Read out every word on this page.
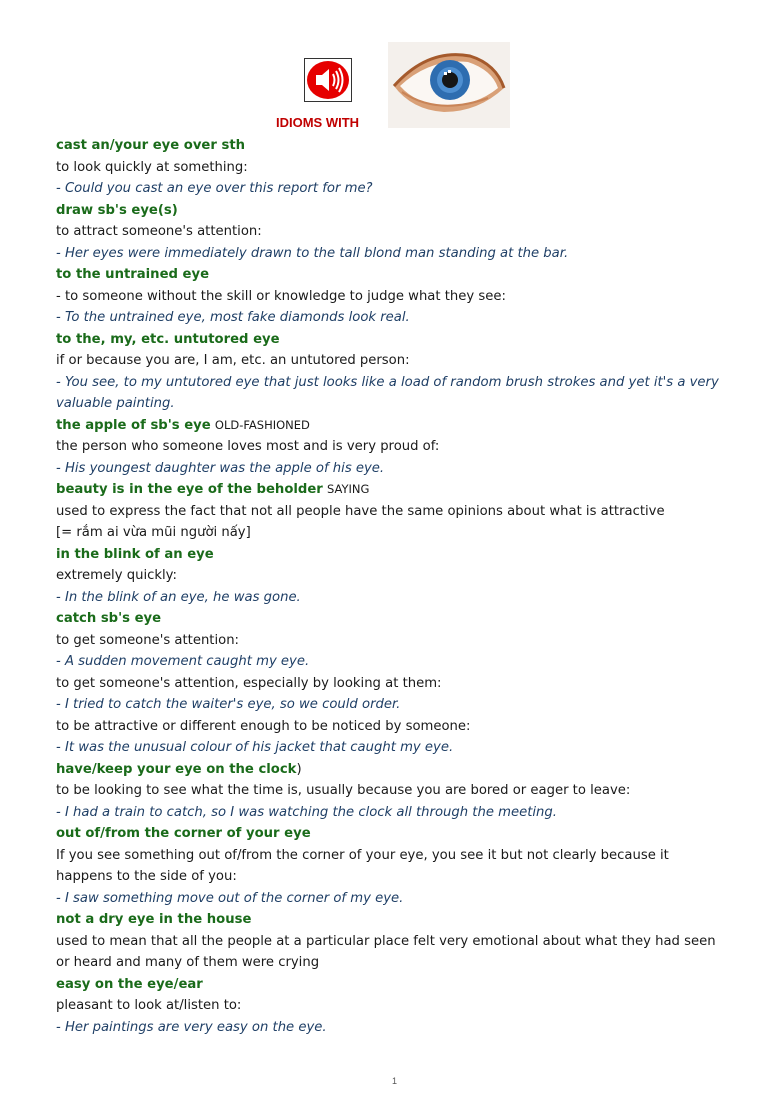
IDIOMS WITH

cast an/your eye over sth

to look quickly at something:

- Could you cast an eye over this report for me?

draw sb's eye(s)

to attract someone's attention:

- Her eyes were immediately drawn to the tall blond man standing at the bar.

to the untrained eye

- to someone without the skill or knowledge to judge what they see:

- To the untrained eye, most fake diamonds look real.

to the, my, etc. untutored eye

if or because you are, I am, etc. an untutored person:

- You see, to my untutored eye that just looks like a load of random brush strokes and yet it's a very valuable painting.

the apple of sb's eye OLD-FASHIONED

the person who someone loves most and is very proud of:

- His youngest daughter was the apple of his eye.

beauty is in the eye of the beholder SAYING

used to express the fact that not all people have the same opinions about what is attractive

[= rắm ai vừa mũi người nấy]

in the blink of an eye

extremely quickly:

- In the blink of an eye, he was gone.

catch sb's eye

to get someone's attention:

- A sudden movement caught my eye.

to get someone's attention, especially by looking at them:

- I tried to catch the waiter's eye, so we could order.

to be attractive or different enough to be noticed by someone:

- It was the unusual colour of his jacket that caught my eye.

have/keep your eye on the clock)

to be looking to see what the time is, usually because you are bored or eager to leave:

- I had a train to catch, so I was watching the clock all through the meeting.

out of/from the corner of your eye

If you see something out of/from the corner of your eye, you see it but not clearly because it happens to the side of you:

- I saw something move out of the corner of my eye.

not a dry eye in the house

used to mean that all the people at a particular place felt very emotional about what they had seen or heard and many of them were crying

easy on the eye/ear

pleasant to look at/listen to:

- Her paintings are very easy on the eye.

1
